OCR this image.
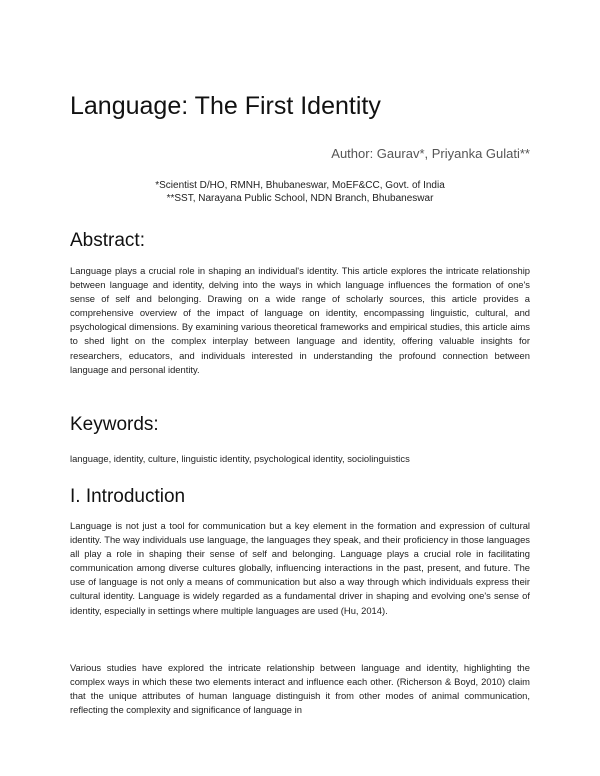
Language: The First Identity

Author: Gaurav*, Priyanka Gulati**

*Scientist D/HO, RMNH, Bhubaneswar, MoEF&CC, Govt. of India

**SST, Narayana Public School, NDN Branch, Bhubaneswar

Abstract:

Language plays a crucial role in shaping an individual's identity. This article explores the intricate relationship between language and identity, delving into the ways in which language influences the formation of one's sense of self and belonging. Drawing on a wide range of scholarly sources, this article provides a comprehensive overview of the impact of language on identity, encompassing linguistic, cultural, and psychological dimensions. By examining various theoretical frameworks and empirical studies, this article aims to shed light on the complex interplay between language and identity, offering valuable insights for researchers, educators, and individuals interested in understanding the profound connection between language and personal identity.

Keywords:

language, identity, culture, linguistic identity, psychological identity, sociolinguistics

I. Introduction

Language is not just a tool for communication but a key element in the formation and expression of cultural identity. The way individuals use language, the languages they speak, and their proficiency in those languages all play a role in shaping their sense of self and belonging. Language plays a crucial role in facilitating communication among diverse cultures globally, influencing interactions in the past, present, and future. The use of language is not only a means of communication but also a way through which individuals express their cultural identity. Language is widely regarded as a fundamental driver in shaping and evolving one's sense of identity, especially in settings where multiple languages are used (Hu, 2014).

Various studies have explored the intricate relationship between language and identity, highlighting the complex ways in which these two elements interact and influence each other. (Richerson & Boyd, 2010) claim that the unique attributes of human language distinguish it from other modes of animal communication, reflecting the complexity and significance of language in
